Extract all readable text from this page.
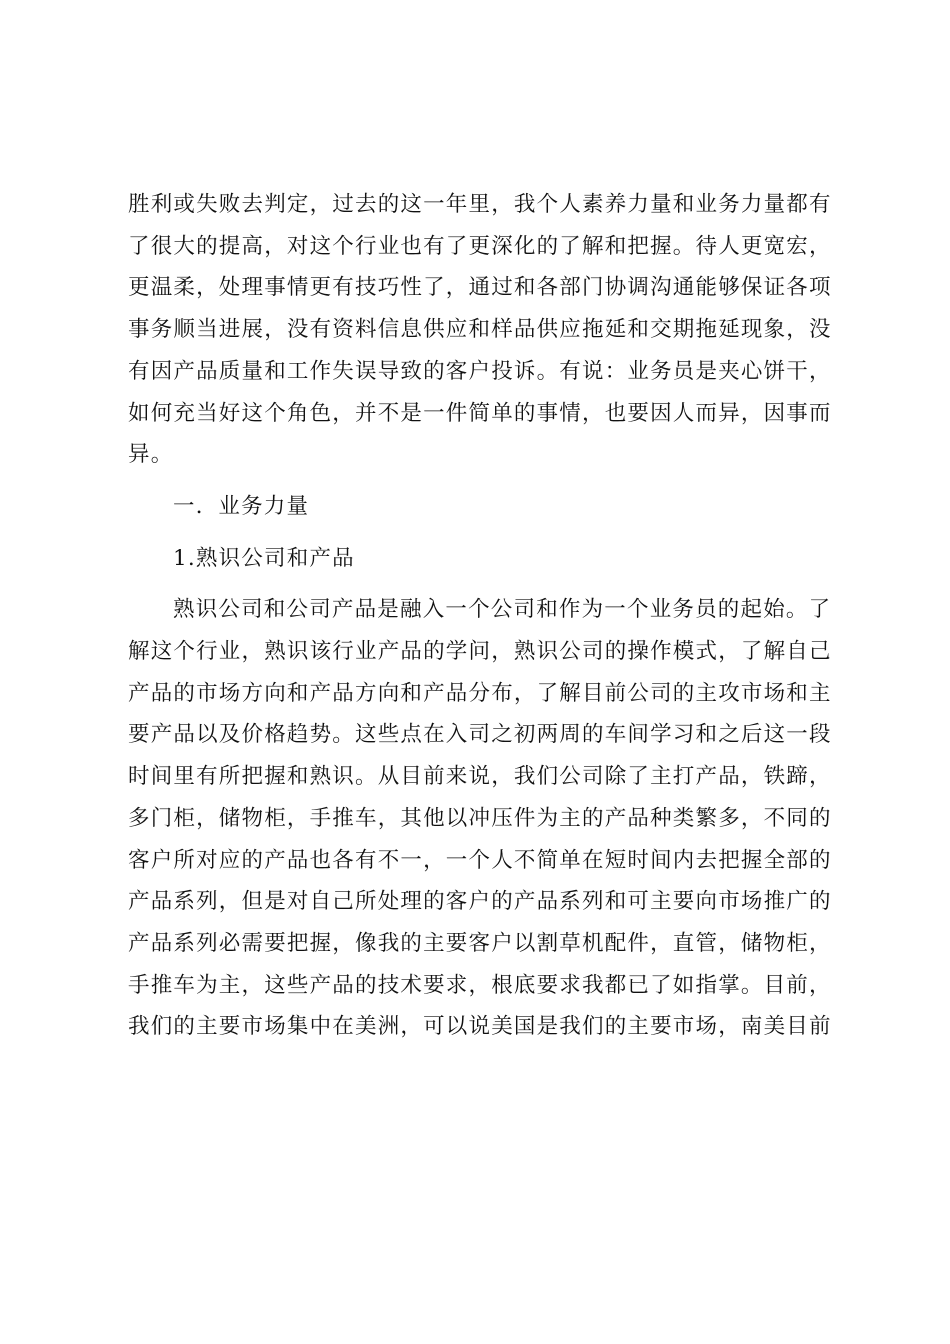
胜利或失败去判定，过去的这一年里，我个人素养力量和业务力量都有
了很大的提高，对这个行业也有了更深化的了解和把握。待人更宽宏，
更温柔，处理事情更有技巧性了，通过和各部门协调沟通能够保证各项
事务顺当进展，没有资料信息供应和样品供应拖延和交期拖延现象，没
有因产品质量和工作失误导致的客户投诉。有说：业务员是夹心饼干，
如何充当好这个角色，并不是一件简单的事情，也要因人而异，因事而
异。
一．业务力量
1.熟识公司和产品
熟识公司和公司产品是融入一个公司和作为一个业务员的起始。了
解这个行业，熟识该行业产品的学问，熟识公司的操作模式，了解自己
产品的市场方向和产品方向和产品分布，了解目前公司的主攻市场和主
要产品以及价格趋势。这些点在入司之初两周的车间学习和之后这一段
时间里有所把握和熟识。从目前来说，我们公司除了主打产品，铁蹄，
多门柜，储物柜，手推车，其他以冲压件为主的产品种类繁多，不同的
客户所对应的产品也各有不一，一个人不简单在短时间内去把握全部的
产品系列，但是对自己所处理的客户的产品系列和可主要向市场推广的
产品系列必需要把握，像我的主要客户以割草机配件，直管，储物柜，
手推车为主，这些产品的技术要求，根底要求我都已了如指掌。目前，
我们的主要市场集中在美洲，可以说美国是我们的主要市场，南美目前
